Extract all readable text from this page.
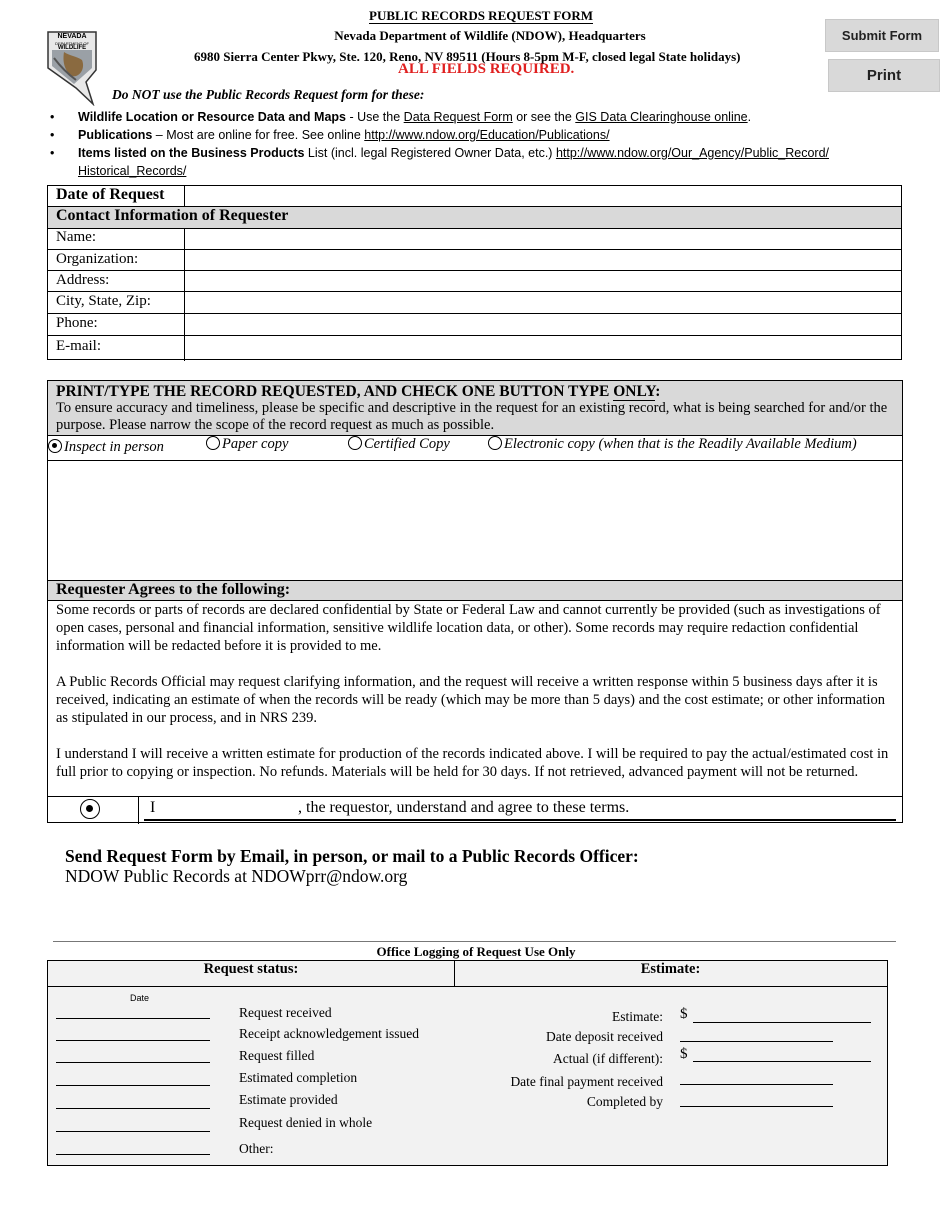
PUBLIC RECORDS REQUEST FORM
Nevada Department of Wildlife (NDOW), Headquarters
6980 Sierra Center Pkwy, Ste. 120, Reno, NV 89511 (Hours 8-5pm M-F, closed legal State holidays)
ALL FIELDS REQUIRED.
NEVADA
DEPARTMENT OF
WILDLIFE
Submit Form
Print
Do NOT use the Public Records Request form for these:
• Wildlife Location or Resource Data and Maps - Use the Data Request Form or see the GIS Data Clearinghouse online.
• Publications – Most are online for free. See online http://www.ndow.org/Education/Publications/
• Items listed on the Business Products List (incl. legal Registered Owner Data, etc.) http://www.ndow.org/Our_Agency/Public_Record/
Historical_Records/
Date of Request
Contact Information of Requester
Name:
Organization:
Address:
City, State, Zip:
Phone:
E-mail:
PRINT/TYPE THE RECORD REQUESTED, AND CHECK ONE BUTTON TYPE ONLY:
To ensure accuracy and timeliness, please be specific and descriptive in the request for an existing record, what is being searched for and/or the purpose. Please narrow the scope of the record request as much as possible.
Inspect in person	Paper copy	Certified Copy	Electronic copy (when that is the Readily Available Medium)
Requester Agrees to the following:
Some records or parts of records are declared confidential by State or Federal Law and cannot currently be provided (such as investigations of open cases, personal and financial information, sensitive wildlife location data, or other). Some records may require redaction confidential information will be redacted before it is provided to me.
A Public Records Official may request clarifying information, and the request will receive a written response within 5 business days after it is received, indicating an estimate of when the records will be ready (which may be more than 5 days) and the cost estimate; or other information as stipulated in our process, and in NRS 239.
I understand I will receive a written estimate for production of the records indicated above. I will be required to pay the actual/estimated cost in full prior to copying or inspection. No refunds. Materials will be held for 30 days. If not retrieved, advanced payment will not be returned.
I	, the requestor, understand and agree to these terms.
Send Request Form by Email, in person, or mail to a Public Records Officer:
NDOW Public Records at NDOWprr@ndow.org
Office Logging of Request Use Only
Request status:	Estimate:
Date
Request received
Receipt acknowledgement issued
Request filled
Estimated completion
Estimate provided
Request denied in whole
Other:
Estimate: $
Date deposit received
Actual (if different): $
Date final payment received
Completed by
